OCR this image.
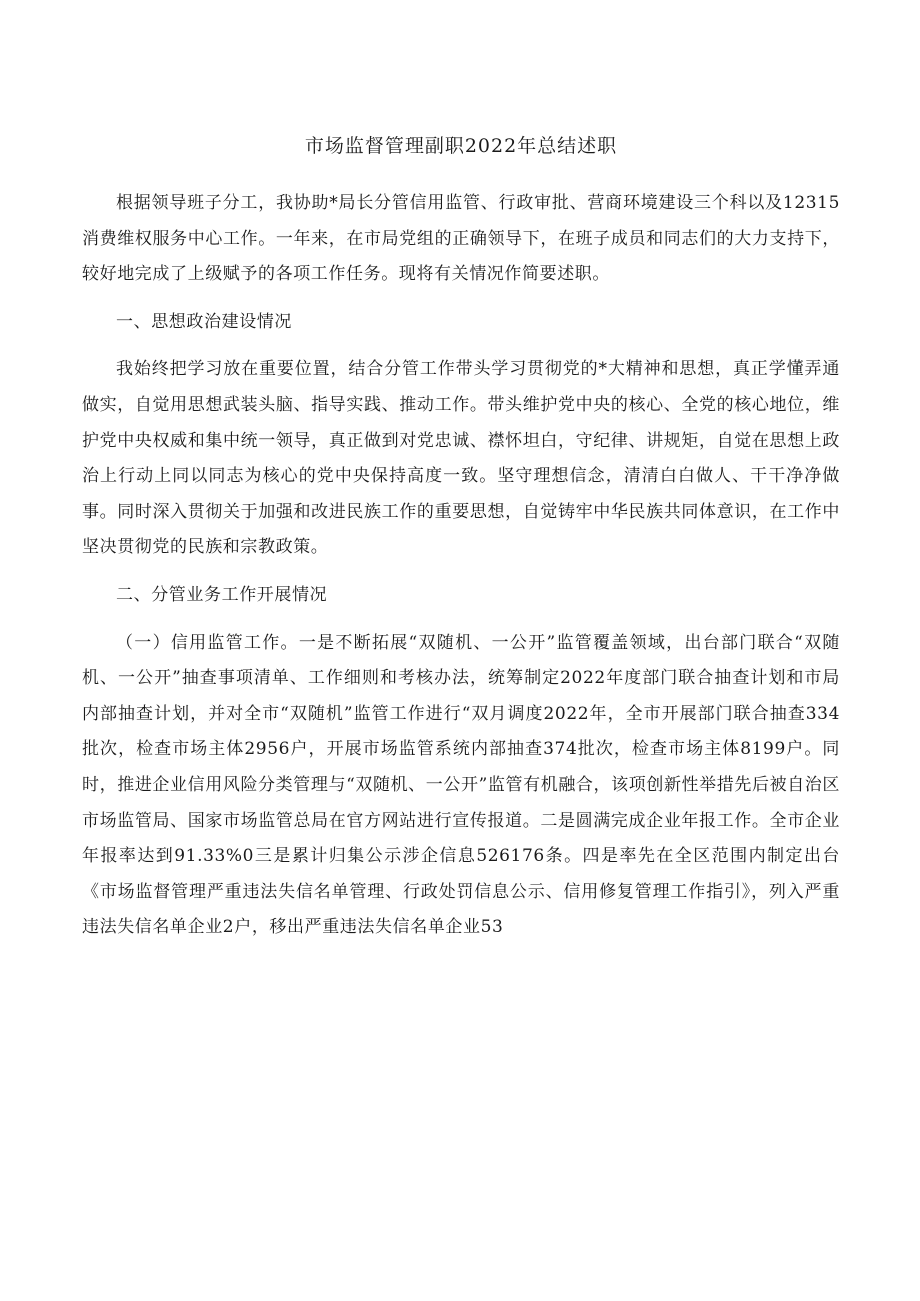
市场监督管理副职2022年总结述职

根据领导班子分工，我协助*局长分管信用监管、行政审批、营商环境建设三个科以及12315消费维权服务中心工作。一年来，在市局党组的正确领导下，在班子成员和同志们的大力支持下，较好地完成了上级赋予的各项工作任务。现将有关情况作简要述职。

一、思想政治建设情况

我始终把学习放在重要位置，结合分管工作带头学习贯彻党的*大精神和思想，真正学懂弄通做实，自觉用思想武装头脑、指导实践、推动工作。带头维护党中央的核心、全党的核心地位，维护党中央权威和集中统一领导，真正做到对党忠诚、襟怀坦白，守纪律、讲规矩，自觉在思想上政治上行动上同以同志为核心的党中央保持高度一致。坚守理想信念，清清白白做人、干干净净做事。同时深入贯彻关于加强和改进民族工作的重要思想，自觉铸牢中华民族共同体意识，在工作中坚决贯彻党的民族和宗教政策。

二、分管业务工作开展情况

（一）信用监管工作。一是不断拓展“双随机、一公开”监管覆盖领域，出台部门联合“双随机、一公开”抽查事项清单、工作细则和考核办法，统筹制定2022年度部门联合抽查计划和市局内部抽查计划，并对全市“双随机”监管工作进行“双月调度2022年，全市开展部门联合抽查334批次，检查市场主体2956户，开展市场监管系统内部抽查374批次，检查市场主体8199户。同时，推进企业信用风险分类管理与“双随机、一公开”监管有机融合，该项创新性举措先后被自治区市场监管局、国家市场监管总局在官方网站进行宣传报道。二是圆满完成企业年报工作。全市企业年报率达到91.33%0三是累计归集公示涉企信息526176条。四是率先在全区范围内制定出台《市场监督管理严重违法失信名单管理、行政处罚信息公示、信用修复管理工作指引》，列入严重违法失信名单企业2户，移出严重违法失信名单企业53
